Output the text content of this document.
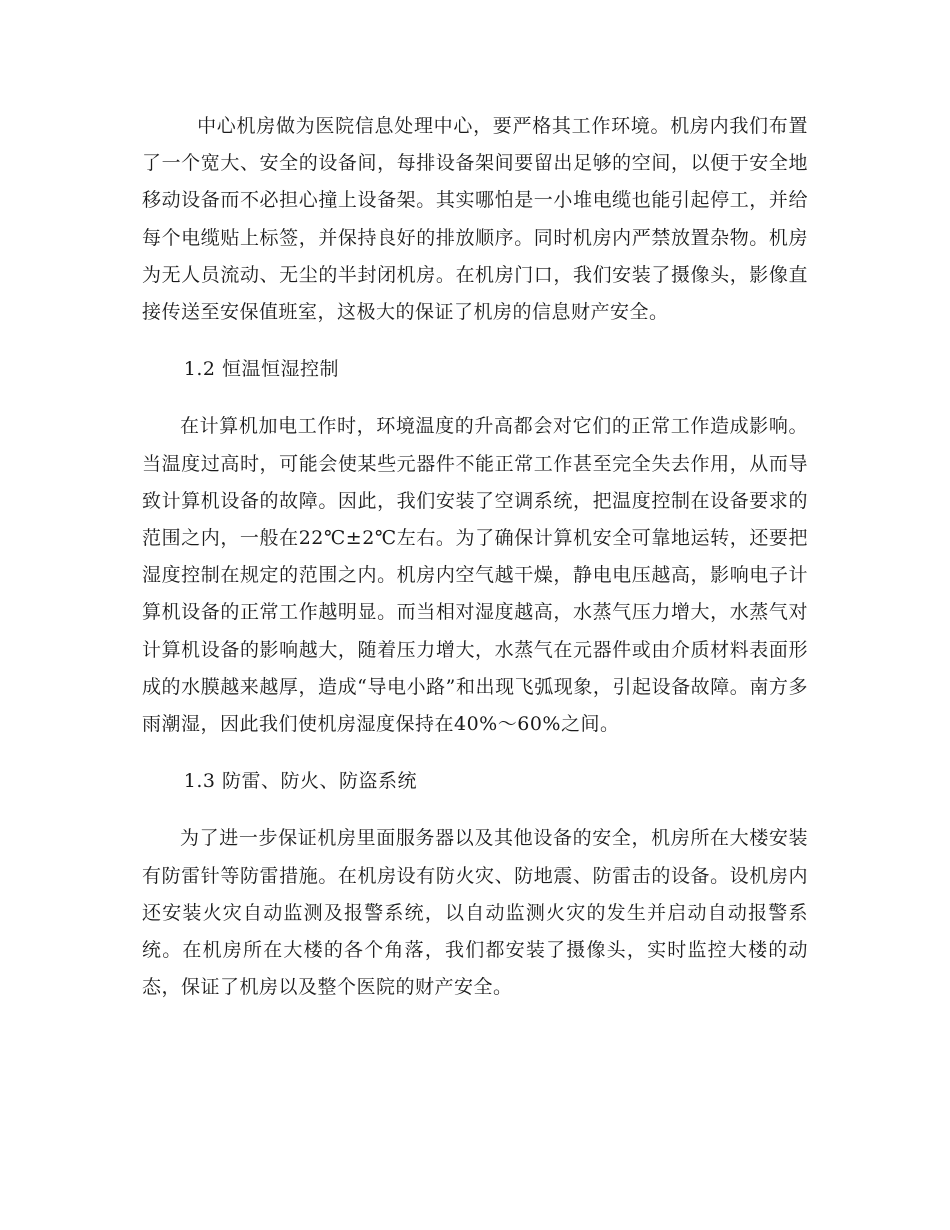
中心机房做为医院信息处理中心，要严格其工作环境。机房内我们布置了一个宽大、安全的设备间，每排设备架间要留出足够的空间，以便于安全地移动设备而不必担心撞上设备架。其实哪怕是一小堆电缆也能引起停工，并给每个电缆贴上标签，并保持良好的排放顺序。同时机房内严禁放置杂物。机房为无人员流动、无尘的半封闭机房。在机房门口，我们安装了摄像头，影像直接传送至安保值班室，这极大的保证了机房的信息财产安全。

1.2 恒温恒湿控制

在计算机加电工作时，环境温度的升高都会对它们的正常工作造成影响。当温度过高时，可能会使某些元器件不能正常工作甚至完全失去作用，从而导致计算机设备的故障。因此，我们安装了空调系统，把温度控制在设备要求的范围之内，一般在22℃±2℃左右。为了确保计算机安全可靠地运转，还要把湿度控制在规定的范围之内。机房内空气越干燥，静电电压越高，影响电子计算机设备的正常工作越明显。而当相对湿度越高，水蒸气压力增大，水蒸气对计算机设备的影响越大，随着压力增大，水蒸气在元器件或由介质材料表面形成的水膜越来越厚，造成“导电小路”和出现飞弧现象，引起设备故障。南方多雨潮湿，因此我们使机房湿度保持在40%～60%之间。

1.3 防雷、防火、防盗系统

为了进一步保证机房里面服务器以及其他设备的安全，机房所在大楼安装有防雷针等防雷措施。在机房设有防火灾、防地震、防雷击的设备。设机房内还安装火灾自动监测及报警系统，以自动监测火灾的发生并启动自动报警系统。在机房所在大楼的各个角落，我们都安装了摄像头，实时监控大楼的动态，保证了机房以及整个医院的财产安全。
